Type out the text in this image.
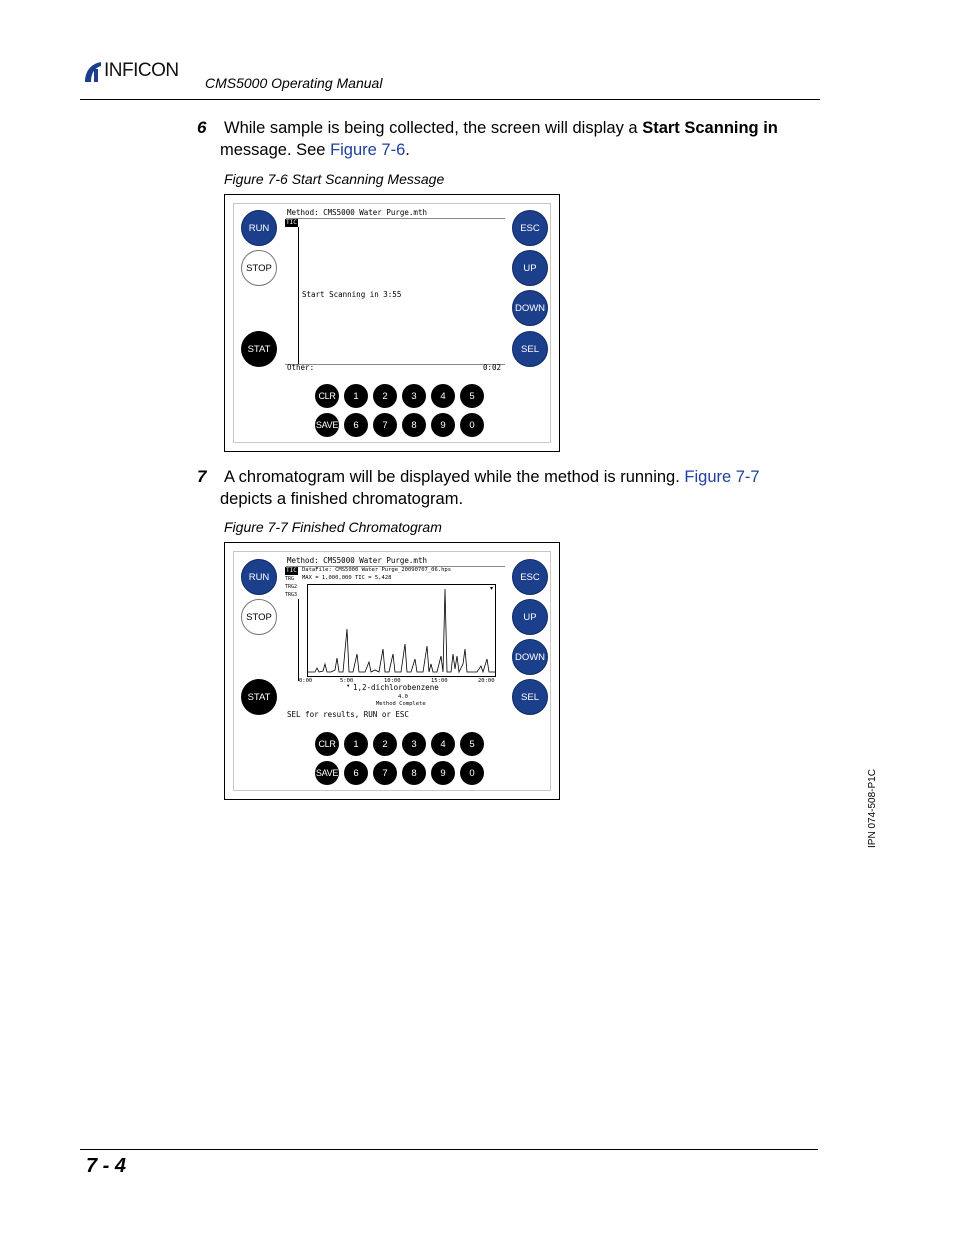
INFICON
CMS5000 Operating Manual
6 While sample is being collected, the screen will display a Start Scanning in
message. See Figure 7-6.
Figure 7-6 Start Scanning Message
RUN
STOP
STAT
ESC
UP
DOWN
SEL
Method: CMS5000 Water Purge.mth
TIC
Start Scanning in 3:55
Other:	0:02
CLR	1	2	3	4	5
SAVE	6	7	8	9	0
7 A chromatogram will be displayed while the method is running. Figure 7-7
depicts a finished chromatogram.
Figure 7-7 Finished Chromatogram
RUN
STOP
STAT
ESC
UP
DOWN
SEL
Method: CMS5000 Water Purge.mth
TIC DataFile: CMS5000 Water Purge_20090707_06.hps
MAX = 1,000,000 TIC = 5,428
TRG
TRG2
TRG3
0:00	5:00	10:00	15:00	20:00
▼ 1,2-dichlorobenzene
4.0
Method Complete
SEL for results, RUN or ESC
CLR	1	2	3	4	5
SAVE	6	7	8	9	0	IPN 074-508-P1C
7 - 4
